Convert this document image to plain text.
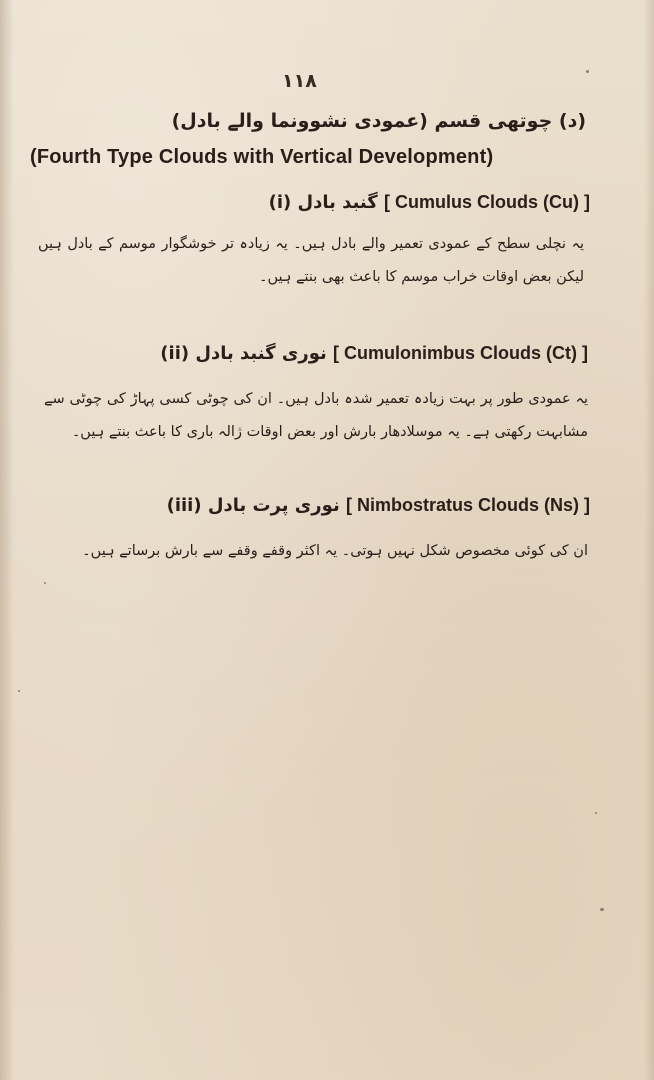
۱۱۸
(د) چوتھی قسم (عمودی نشوونما والے بادل)
(Fourth Type Clouds with Vertical Development)
(i) گنبد بادل [ Cumulus Clouds (Cu) ]
یہ نچلی سطح کے عمودی تعمیر والے بادل ہیں۔ یہ زیادہ تر خوشگوار موسم کے بادل ہیں لیکن بعض اوقات خراب موسم کا باعث بھی بنتے ہیں۔
(ii) نوری گنبد بادل [ Cumulonimbus Clouds (Ct) ]
یہ عمودی طور پر بہت زیادہ تعمیر شدہ بادل ہیں۔ ان کی چوٹی کسی پہاڑ کی چوٹی سے مشابہت رکھتی ہے۔ یہ موسلادھار بارش اور بعض اوقات ژالہ باری کا باعث بنتے ہیں۔
(iii) نوری پرت بادل [ Nimbostratus Clouds (Ns) ]
ان کی کوئی مخصوص شکل نہیں ہوتی۔ یہ اکثر وقفے وقفے سے بارش برساتے ہیں۔
